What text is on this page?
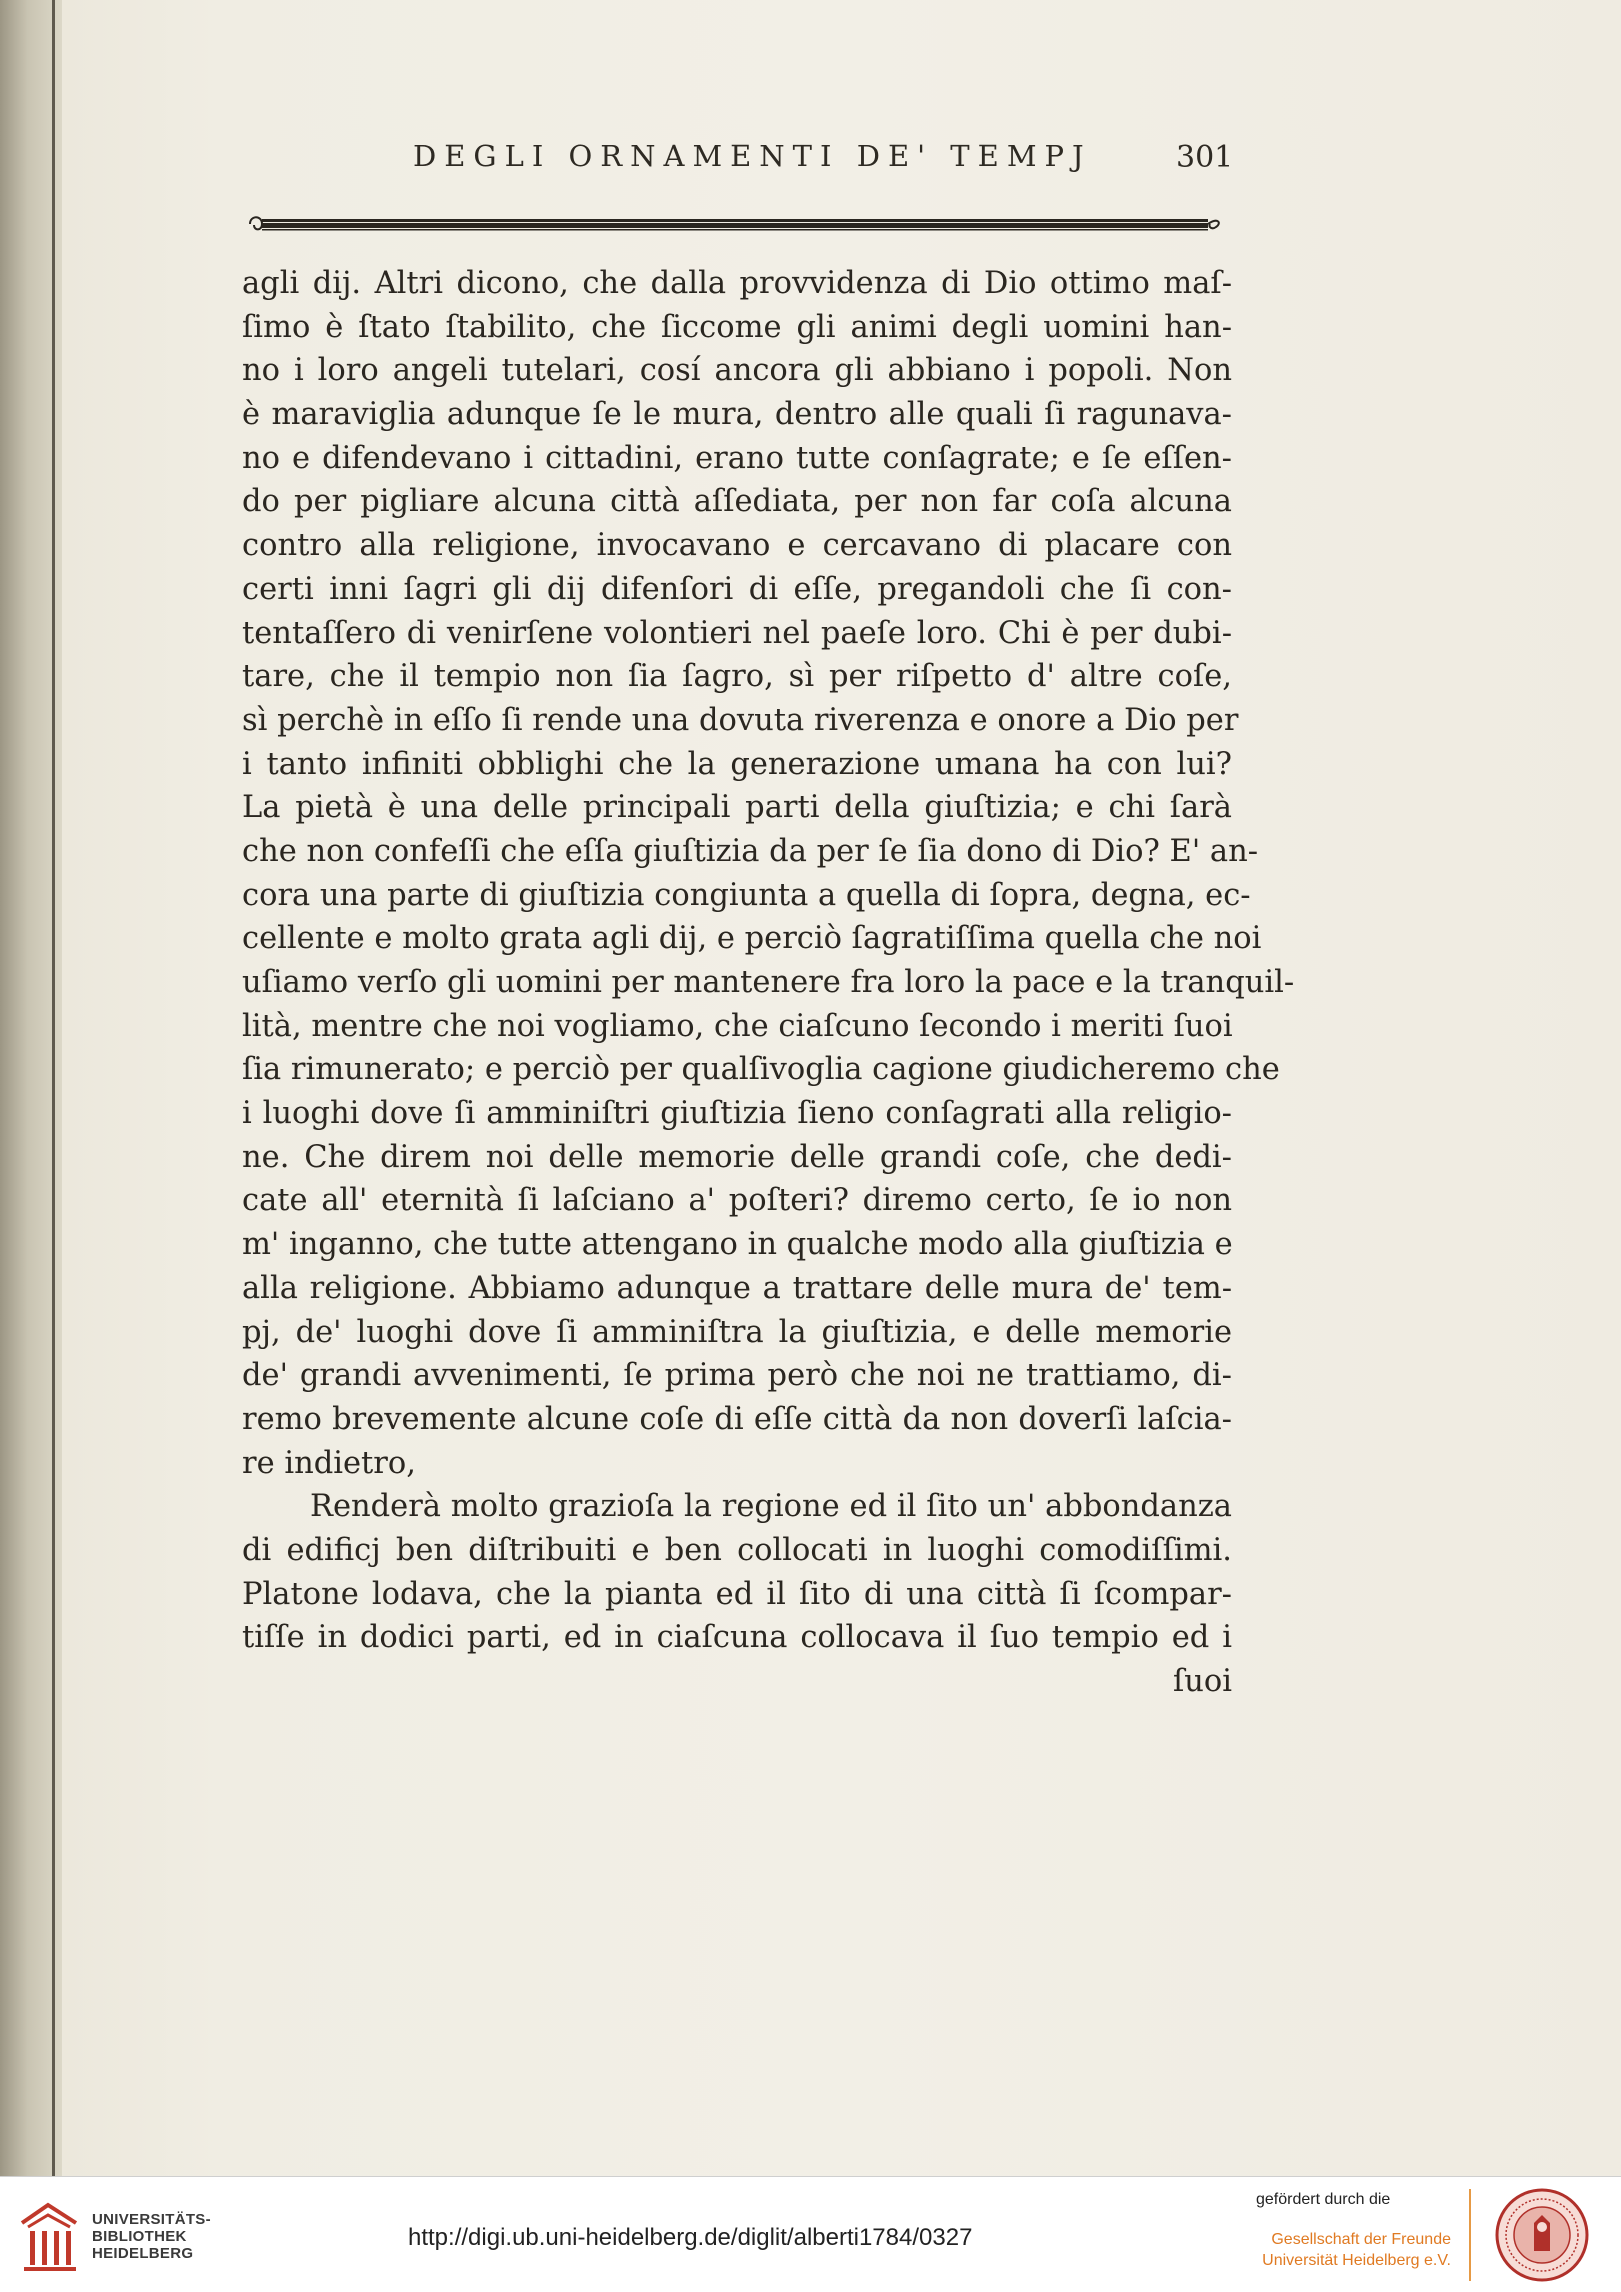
DEGLI ORNAMENTI DE' TEMPJ	301
agli dij. Altri dicono, che dalla provvidenza di Dio ottimo maſ-
ſimo è ſtato ſtabilito, che ſiccome gli animi degli uomini han-
no i loro angeli tutelari, cosí ancora gli abbiano i popoli. Non
è maraviglia adunque ſe le mura, dentro alle quali ſi ragunava-
no e difendevano i cittadini, erano tutte conſagrate; e ſe eſſen-
do per pigliare alcuna città aſſediata, per non far coſa alcuna
contro alla religione, invocavano e cercavano di placare con
certi inni ſagri gli dij difenſori di eſſe, pregandoli che ſi con-
tentaſſero di venirſene volontieri nel paeſe loro. Chi è per dubi-
tare, che il tempio non ſia ſagro, sì per riſpetto d' altre coſe,
sì perchè in eſſo ſi rende una dovuta riverenza e onore a Dio per
i tanto infiniti obblighi che la generazione umana ha con lui?
La pietà è una delle principali parti della giuſtizia; e chi ſarà
che non confeſſi che eſſa giuſtizia da per ſe ſia dono di Dio? E' an-
cora una parte di giuſtizia congiunta a quella di ſopra, degna, ec-
cellente e molto grata agli dij, e perciò ſagratiſſima quella che noi
uſiamo verſo gli uomini per mantenere fra loro la pace e la tranquil-
lità, mentre che noi vogliamo, che ciaſcuno ſecondo i meriti ſuoi
ſia rimunerato; e perciò per qualſivoglia cagione giudicheremo che
i luoghi dove ſi amminiſtri giuſtizia ſieno conſagrati alla religio-
ne. Che direm noi delle memorie delle grandi coſe, che dedi-
cate all' eternità ſi laſciano a' poſteri? diremo certo, ſe io non
m' inganno, che tutte attengano in qualche modo alla giuſtizia e
alla religione. Abbiamo adunque a trattare delle mura de' tem-
pj, de' luoghi dove ſi amminiſtra la giuſtizia, e delle memorie
de' grandi avvenimenti, ſe prima però che noi ne trattiamo, di-
remo brevemente alcune coſe di eſſe città da non doverſi laſcia-
re indietro,
Renderà molto grazioſa la regione ed il ſito un' abbondanza
di edificj ben diſtribuiti e ben collocati in luoghi comodiſſimi.
Platone lodava, che la pianta ed il ſito di una città ſi ſcompar-
tiſſe in dodici parti, ed in ciaſcuna collocava il ſuo tempio ed i
ſuoi
UNIVERSITÄTS-
BIBLIOTHEK
HEIDELBERG
http://digi.ub.uni-heidelberg.de/diglit/alberti1784/0327
gefördert durch die
Gesellschaft der Freunde
Universität Heidelberg e.V.
